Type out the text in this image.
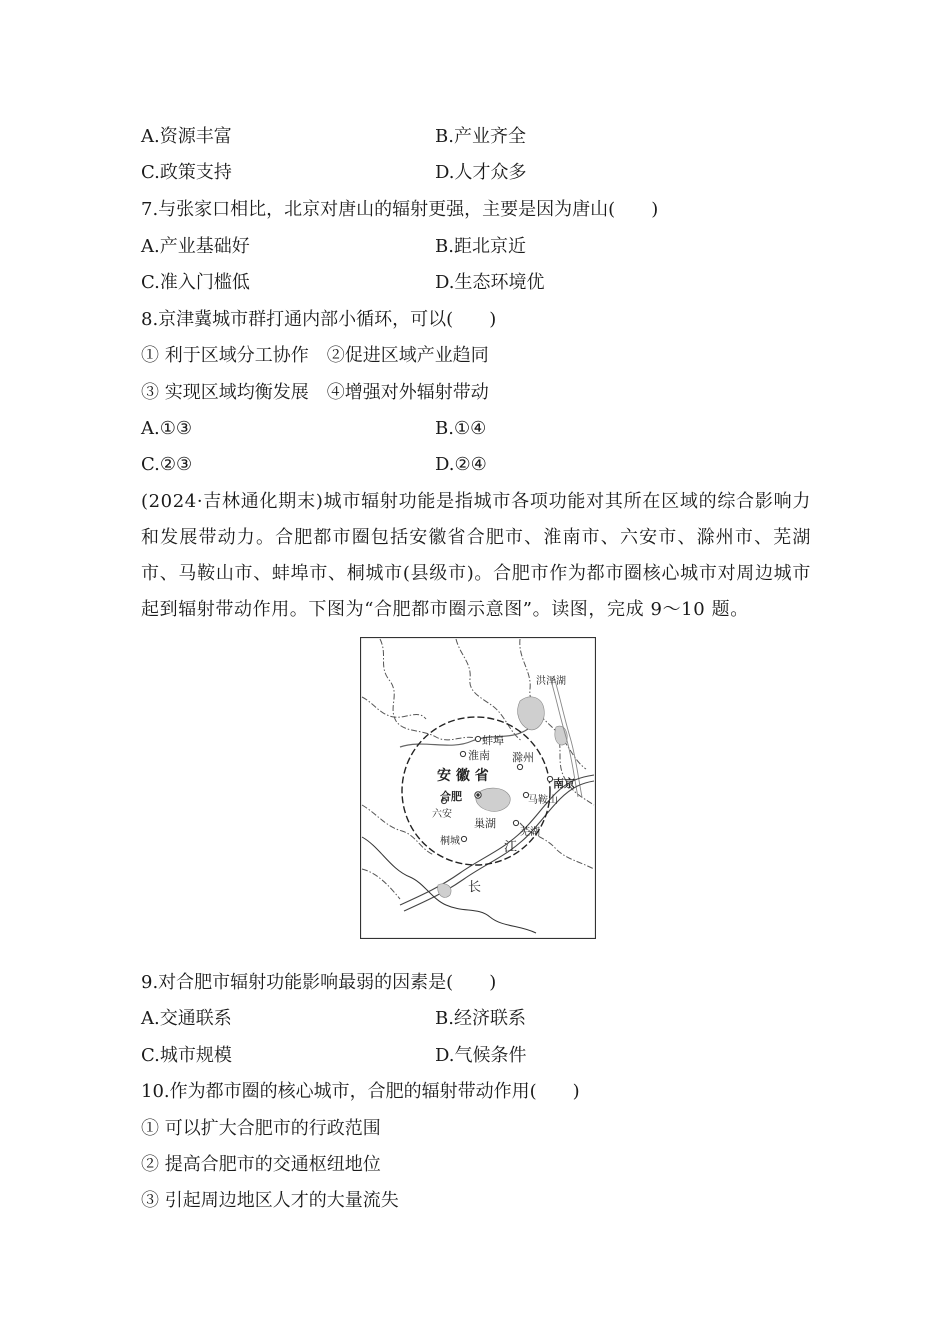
A.资源丰富	B.产业齐全
C.政策支持	D.人才众多
7.与张家口相比，北京对唐山的辐射更强，主要是因为唐山(　　)
A.产业基础好	B.距北京近
C.准入门槛低	D.生态环境优
8.京津冀城市群打通内部小循环，可以(　　)
① 利于区域分工协作　②促进区域产业趋同
③ 实现区域均衡发展　④增强对外辐射带动
A.①③	B.①④
C.②③	D.②④
(2024·吉林通化期末)城市辐射功能是指城市各项功能对其所在区域的综合影响力和发展带动力。合肥都市圈包括安徽省合肥市、淮南市、六安市、滁州市、芜湖市、马鞍山市、蚌埠市、桐城市(县级市)。合肥市作为都市圈核心城市对周边城市起到辐射带动作用。下图为“合肥都市圈示意图”。读图，完成 9～10 题。
洪泽湖
蚌埠
淮南 滁州
安 徽 省	南京
合肥	马鞍山
六安
巢湖
芜湖
桐城	江
长
9.对合肥市辐射功能影响最弱的因素是(　　)
A.交通联系	B.经济联系
C.城市规模	D.气候条件
10.作为都市圈的核心城市，合肥的辐射带动作用(　　)
① 可以扩大合肥市的行政范围
② 提高合肥市的交通枢纽地位
③ 引起周边地区人才的大量流失
